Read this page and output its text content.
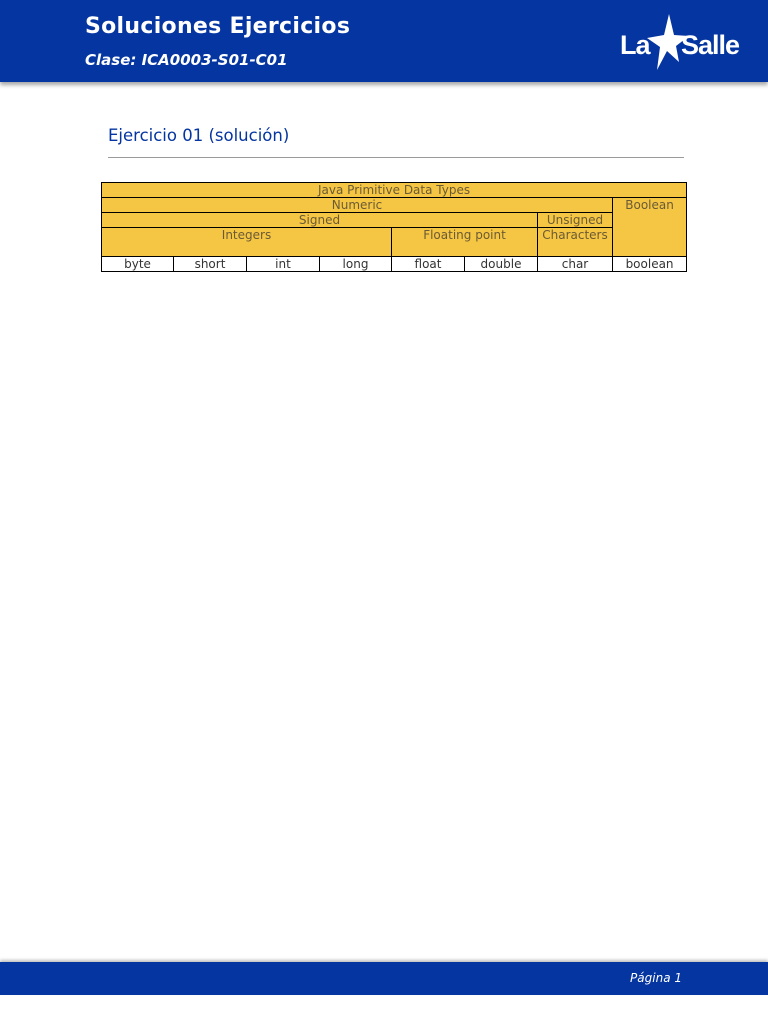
Soluciones Ejercicios
Clase: ICA0003-S01-C01	La Salle
Ejercicio 01 (solución)
Java Primitive Data Types							
Numeric							Boolean
Signed						Unsigned	
Integers				Floating point		Characters	
byte	short	int	long	float	double	char	boolean
Página 1
